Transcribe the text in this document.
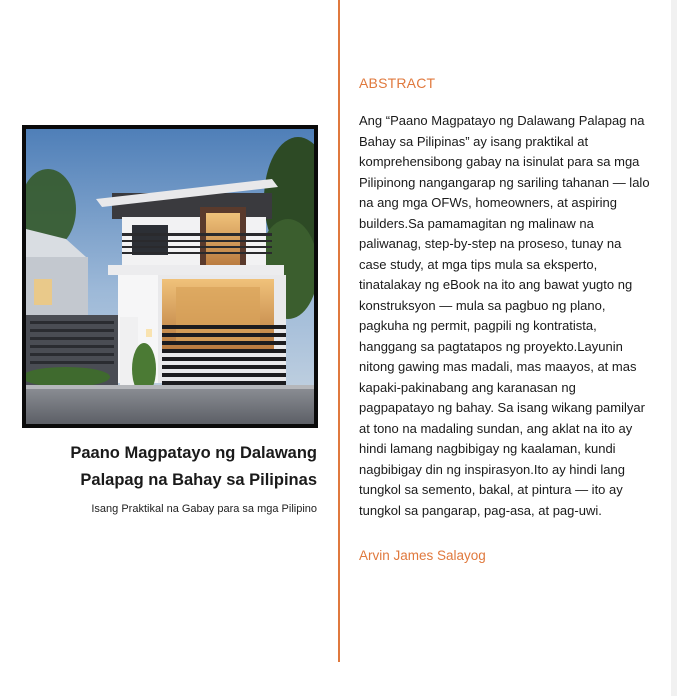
Paano Magpatayo ng Dalawang Palapag na Bahay sa Pilipinas
Isang Praktikal na Gabay para sa mga Pilipino
ABSTRACT
Ang “Paano Magpatayo ng Dalawang Palapag na Bahay sa Pilipinas” ay isang praktikal at komprehensibong gabay na isinulat para sa mga Pilipinong nangangarap ng sariling tahanan — lalo na ang mga OFWs, homeowners, at aspiring builders.Sa pamamagitan ng malinaw na paliwanag, step-by-step na proseso, tunay na case study, at mga tips mula sa eksperto, tinatalakay ng eBook na ito ang bawat yugto ng konstruksyon — mula sa pagbuo ng plano, pagkuha ng permit, pagpili ng kontratista, hanggang sa pagtatapos ng proyekto.Layunin nitong gawing mas madali, mas maayos, at mas kapaki-pakinabang ang karanasan ng pagpapatayo ng bahay. Sa isang wikang pamilyar at tono na madaling sundan, ang aklat na ito ay hindi lamang nagbibigay ng kaalaman, kundi nagbibigay din ng inspirasyon.Ito ay hindi lang tungkol sa semento, bakal, at pintura — ito ay tungkol sa pangarap, pag-asa, at pag-uwi.
Arvin James Salayog
